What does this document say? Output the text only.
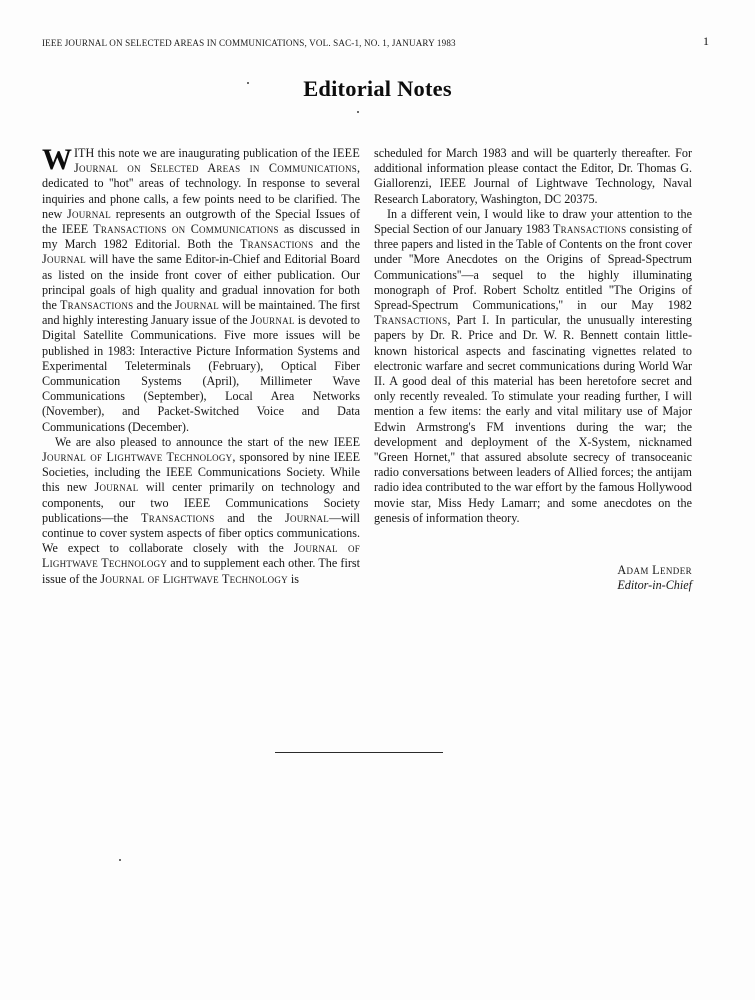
IEEE JOURNAL ON SELECTED AREAS IN COMMUNICATIONS, VOL. SAC-1, NO. 1, JANUARY 1983	1
Editorial Notes

WITH this note we are inaugurating publication of the IEEE Journal on Selected Areas in Communications, dedicated to ''hot'' areas of technology. In response to several inquiries and phone calls, a few points need to be clarified. The new Journal represents an outgrowth of the Special Issues of the IEEE Transactions on Communications as discussed in my March 1982 Editorial. Both the Transactions and the Journal will have the same Editor-in-Chief and Editorial Board as listed on the inside front cover of either publication. Our principal goals of high quality and gradual innovation for both the Transactions and the Journal will be maintained. The first and highly interesting January issue of the Journal is devoted to Digital Satellite Communications. Five more issues will be published in 1983: Interactive Picture Information Systems and Experimental Teleterminals (February), Optical Fiber Communication Systems (April), Millimeter Wave Communications (September), Local Area Networks (November), and Packet-Switched Voice and Data Communications (December).

We are also pleased to announce the start of the new IEEE Journal of Lightwave Technology, sponsored by nine IEEE Societies, including the IEEE Communications Society. While this new Journal will center primarily on technology and components, our two IEEE Communications Society publications—the Transactions and the Journal—will continue to cover system aspects of fiber optics communications. We expect to collaborate closely with the Journal of Lightwave Technology and to supplement each other. The first issue of the Journal of Lightwave Technology is

scheduled for March 1983 and will be quarterly thereafter. For additional information please contact the Editor, Dr. Thomas G. Giallorenzi, IEEE Journal of Lightwave Technology, Naval Research Laboratory, Washington, DC 20375.

In a different vein, I would like to draw your attention to the Special Section of our January 1983 Transactions consisting of three papers and listed in the Table of Contents on the front cover under ''More Anecdotes on the Origins of Spread-Spectrum Communications''—a sequel to the highly illuminating monograph of Prof. Robert Scholtz entitled ''The Origins of Spread-Spectrum Communications,'' in our May 1982 Transactions, Part I. In particular, the unusually interesting papers by Dr. R. Price and Dr. W. R. Bennett contain little-known historical aspects and fascinating vignettes related to electronic warfare and secret communications during World War II. A good deal of this material has been heretofore secret and only recently revealed. To stimulate your reading further, I will mention a few items: the early and vital military use of Major Edwin Armstrong's FM inventions during the war; the development and deployment of the X-System, nicknamed ''Green Hornet,'' that assured absolute secrecy of transoceanic radio conversations between leaders of Allied forces; the antijam radio idea contributed to the war effort by the famous Hollywood movie star, Miss Hedy Lamarr; and some anecdotes on the genesis of information theory.

Adam Lender
Editor-in-Chief
